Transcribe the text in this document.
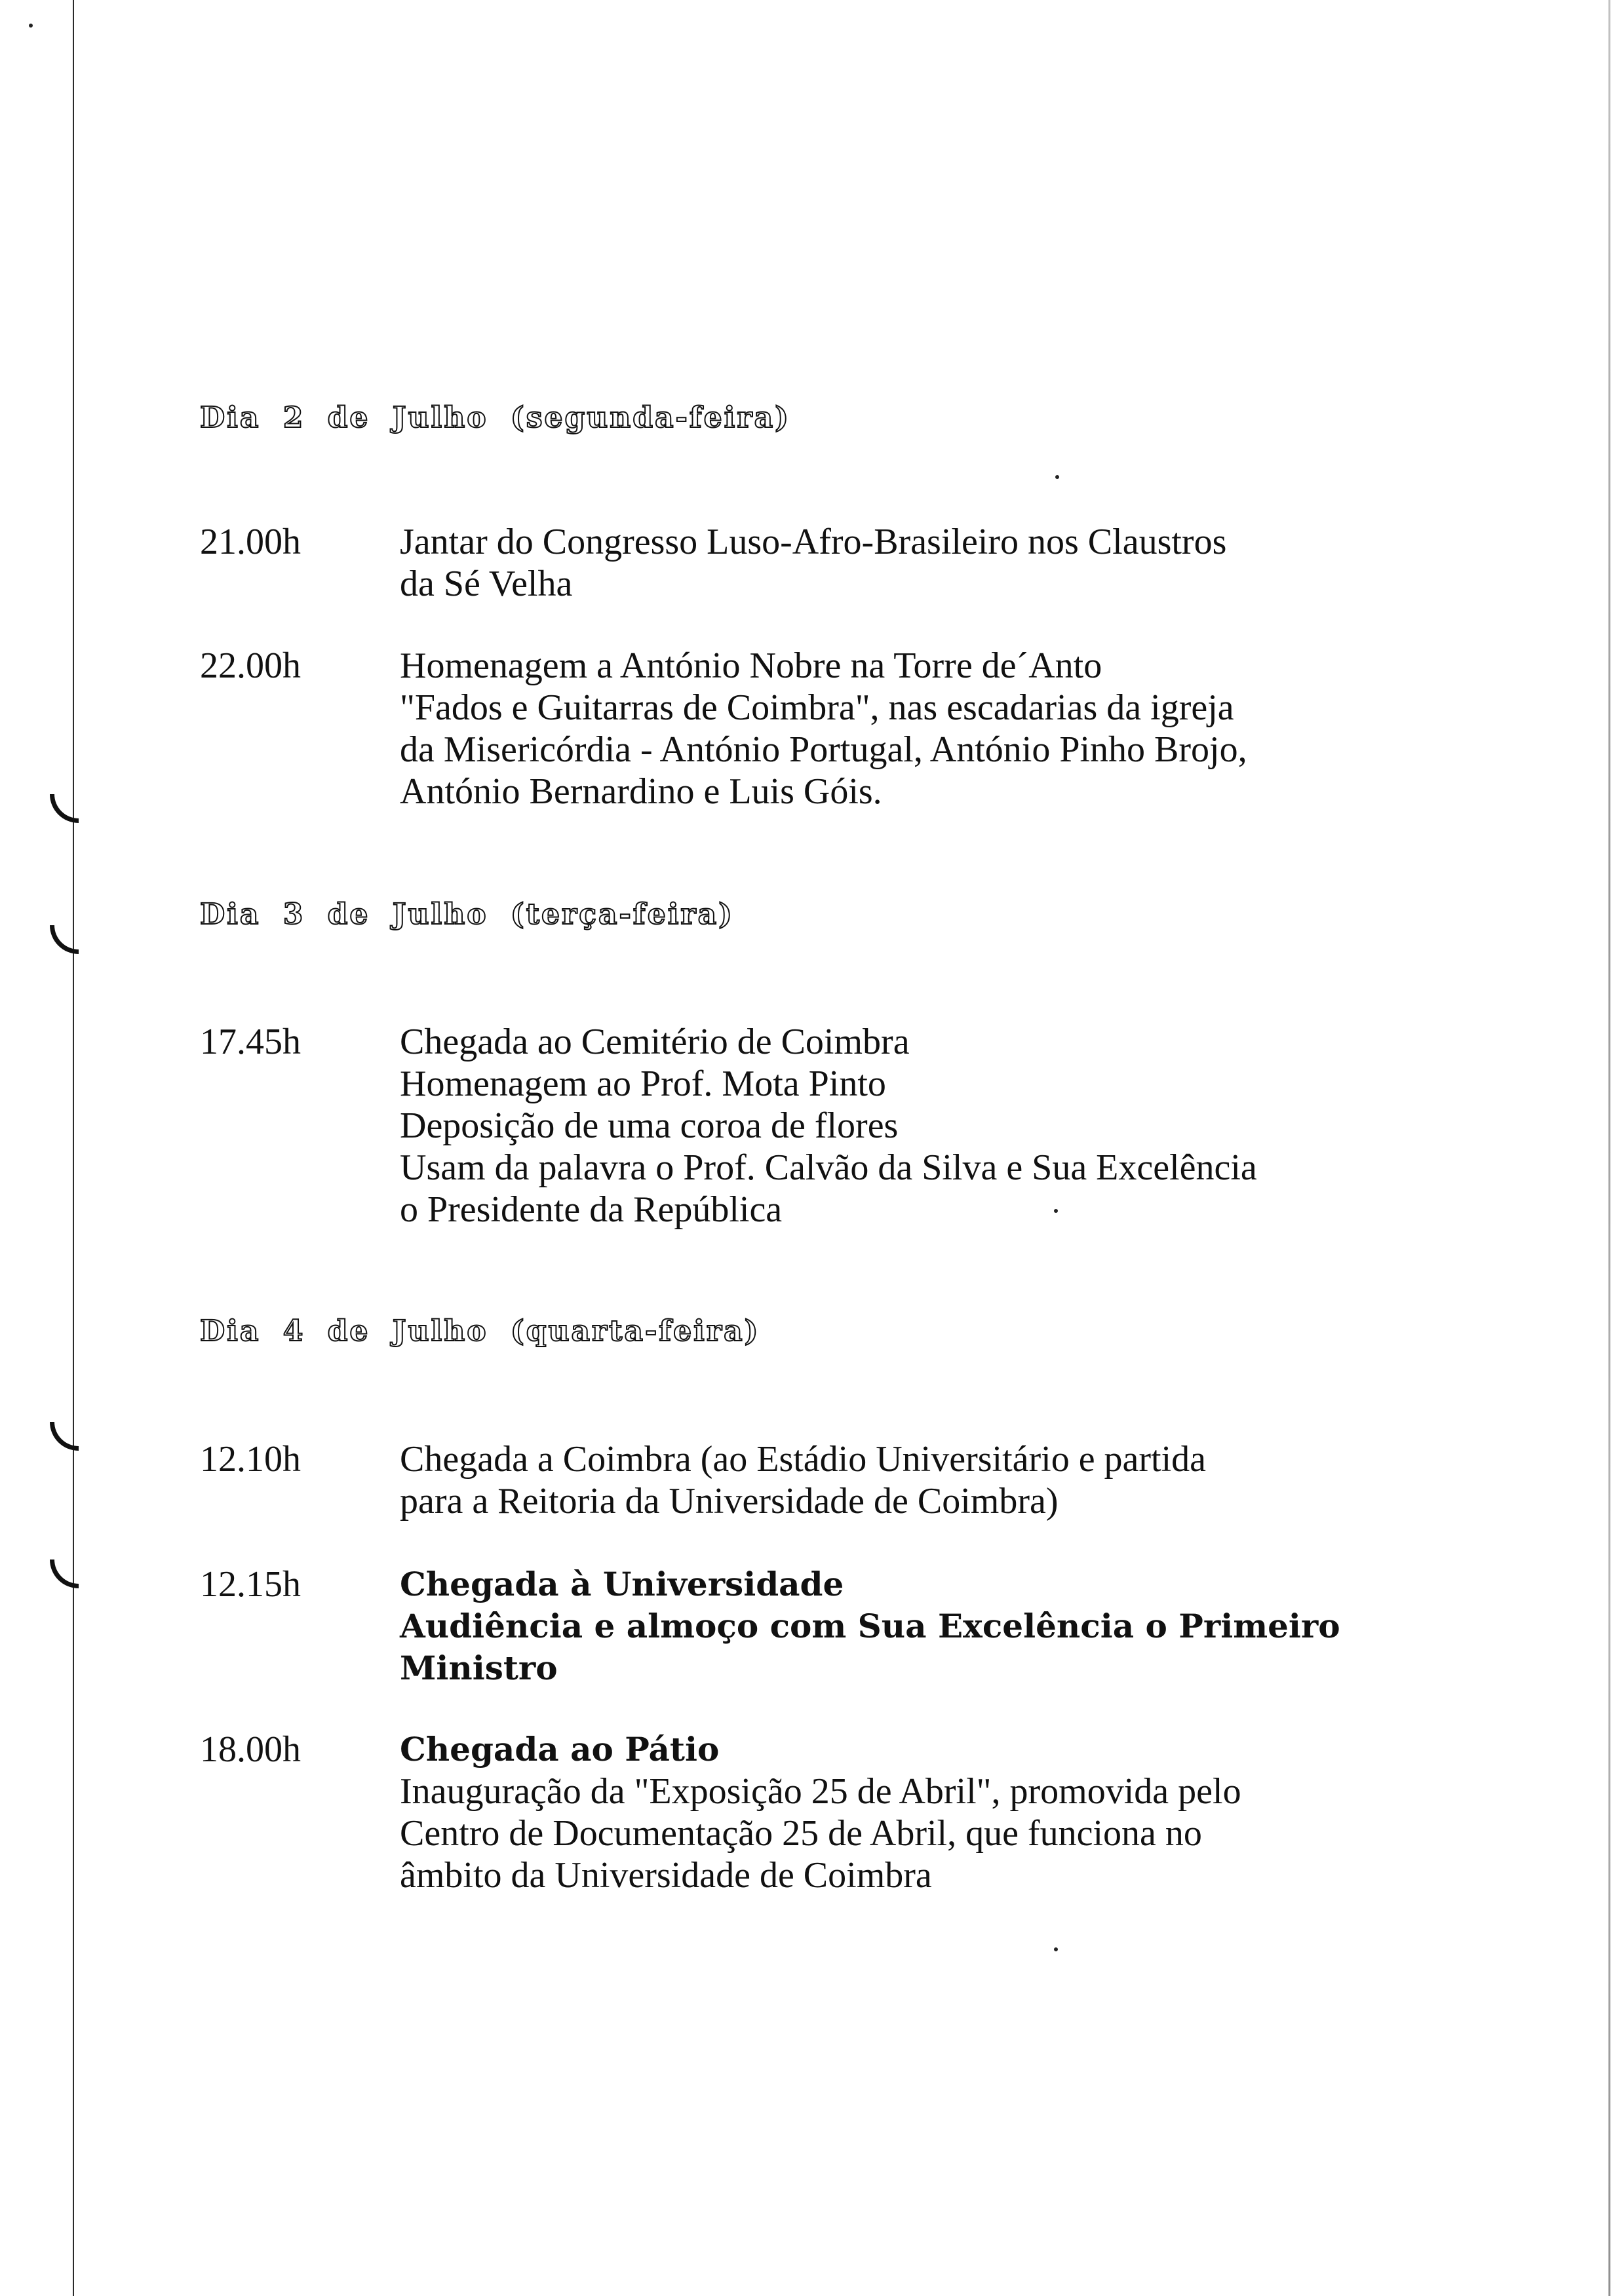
Dia 2 de Julho (segunda-feira)
21.00h	Jantar do Congresso Luso-Afro-Brasileiro nos Claustros
da Sé Velha
22.00h	Homenagem a António Nobre na Torre de´Anto
"Fados e Guitarras de Coimbra", nas escadarias da igreja
da Misericórdia - António Portugal, António Pinho Brojo,
António Bernardino e Luis Góis.
Dia 3 de Julho (terça-feira)
17.45h	Chegada ao Cemitério de Coimbra
Homenagem ao Prof. Mota Pinto
Deposição de uma coroa de flores
Usam da palavra o Prof. Calvão da Silva e Sua Excelência
o Presidente da República
Dia 4 de Julho (quarta-feira)
12.10h	Chegada a Coimbra (ao Estádio Universitário e partida
para a Reitoria da Universidade de Coimbra)
12.15h	Chegada à Universidade
Audiência e almoço com Sua Excelência o Primeiro
Ministro
18.00h	Chegada ao Pátio
Inauguração da "Exposição 25 de Abril", promovida pelo
Centro de Documentação 25 de Abril, que funciona no
âmbito da Universidade de Coimbra
